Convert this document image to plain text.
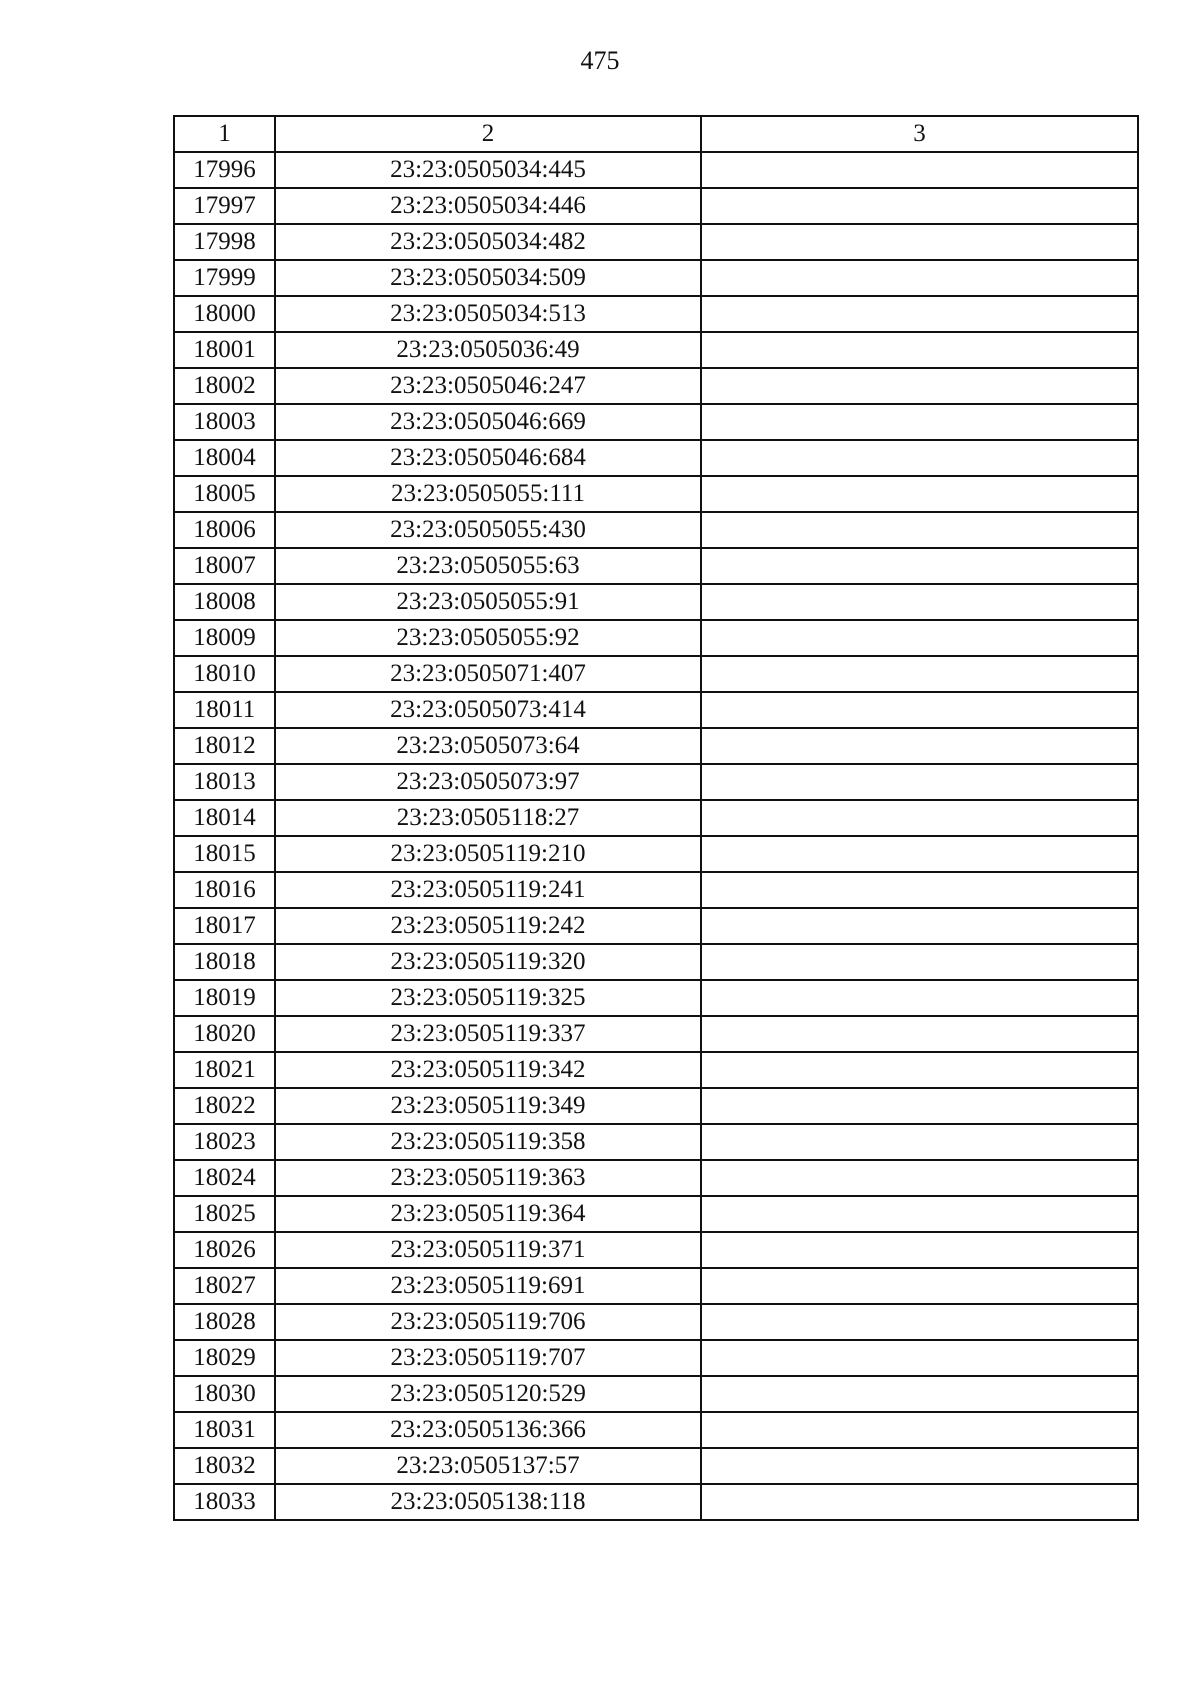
475
1	2	3
17996	23:23:0505034:445	
17997	23:23:0505034:446	
17998	23:23:0505034:482	
17999	23:23:0505034:509	
18000	23:23:0505034:513	
18001	23:23:0505036:49	
18002	23:23:0505046:247	
18003	23:23:0505046:669	
18004	23:23:0505046:684	
18005	23:23:0505055:111	
18006	23:23:0505055:430	
18007	23:23:0505055:63	
18008	23:23:0505055:91	
18009	23:23:0505055:92	
18010	23:23:0505071:407	
18011	23:23:0505073:414	
18012	23:23:0505073:64	
18013	23:23:0505073:97	
18014	23:23:0505118:27	
18015	23:23:0505119:210	
18016	23:23:0505119:241	
18017	23:23:0505119:242	
18018	23:23:0505119:320	
18019	23:23:0505119:325	
18020	23:23:0505119:337	
18021	23:23:0505119:342	
18022	23:23:0505119:349	
18023	23:23:0505119:358	
18024	23:23:0505119:363	
18025	23:23:0505119:364	
18026	23:23:0505119:371	
18027	23:23:0505119:691	
18028	23:23:0505119:706	
18029	23:23:0505119:707	
18030	23:23:0505120:529	
18031	23:23:0505136:366	
18032	23:23:0505137:57	
18033	23:23:0505138:118	
